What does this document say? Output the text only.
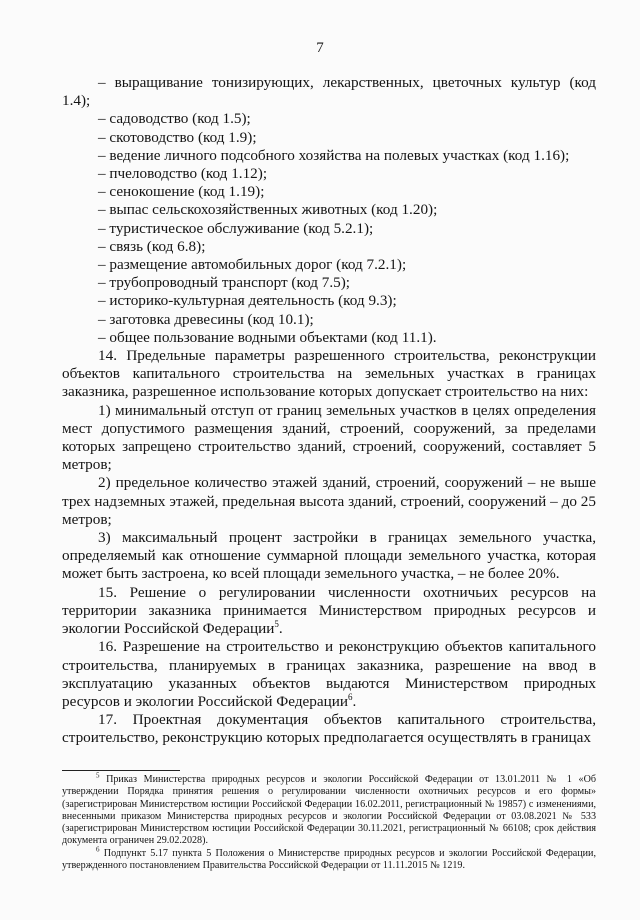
7

– выращивание тонизирующих, лекарственных, цветочных культур (код 1.4);

– садоводство (код 1.5);

– скотоводство (код 1.9);

– ведение личного подсобного хозяйства на полевых участках (код 1.16);

– пчеловодство (код 1.12);

– сенокошение (код 1.19);

– выпас сельскохозяйственных животных (код 1.20);

– туристическое обслуживание (код 5.2.1);

– связь (код 6.8);

– размещение автомобильных дорог (код 7.2.1);

– трубопроводный транспорт (код 7.5);

– историко-культурная деятельность (код 9.3);

– заготовка древесины (код 10.1);

– общее пользование водными объектами (код 11.1).

14. Предельные параметры разрешенного строительства, реконструкции объектов капитального строительства на земельных участках в границах заказника, разрешенное использование которых допускает строительство на них:

1) минимальный отступ от границ земельных участков в целях определения мест допустимого размещения зданий, строений, сооружений, за пределами которых запрещено строительство зданий, строений, сооружений, составляет 5 метров;

2) предельное количество этажей зданий, строений, сооружений – не выше трех надземных этажей, предельная высота зданий, строений, сооружений – до 25 метров;

3) максимальный процент застройки в границах земельного участка, определяемый как отношение суммарной площади земельного участка, которая может быть застроена, ко всей площади земельного участка, – не более 20%.

15. Решение о регулировании численности охотничьих ресурсов на территории заказника принимается Министерством природных ресурсов и экологии Российской Федерации$^5$.

16. Разрешение на строительство и реконструкцию объектов капитального строительства, планируемых в границах заказника, разрешение на ввод в эксплуатацию указанных объектов выдаются Министерством природных ресурсов и экологии Российской Федерации$^6$.

17. Проектная документация объектов капитального строительства, строительство, реконструкцию которых предполагается осуществлять в границах

$^5$ Приказ Министерства природных ресурсов и экологии Российской Федерации от 13.01.2011 № 1 «Об утверждении Порядка принятия решения о регулировании численности охотничьих ресурсов и его формы» (зарегистрирован Министерством юстиции Российской Федерации 16.02.2011, регистрационный № 19857) с изменениями, внесенными приказом Министерства природных ресурсов и экологии Российской Федерации от 03.08.2021 № 533 (зарегистрирован Министерством юстиции Российской Федерации 30.11.2021, регистрационный № 66108; срок действия документа ограничен 29.02.2028).

$^6$ Подпункт 5.17 пункта 5 Положения о Министерстве природных ресурсов и экологии Российской Федерации, утвержденного постановлением Правительства Российской Федерации от 11.11.2015 № 1219.
